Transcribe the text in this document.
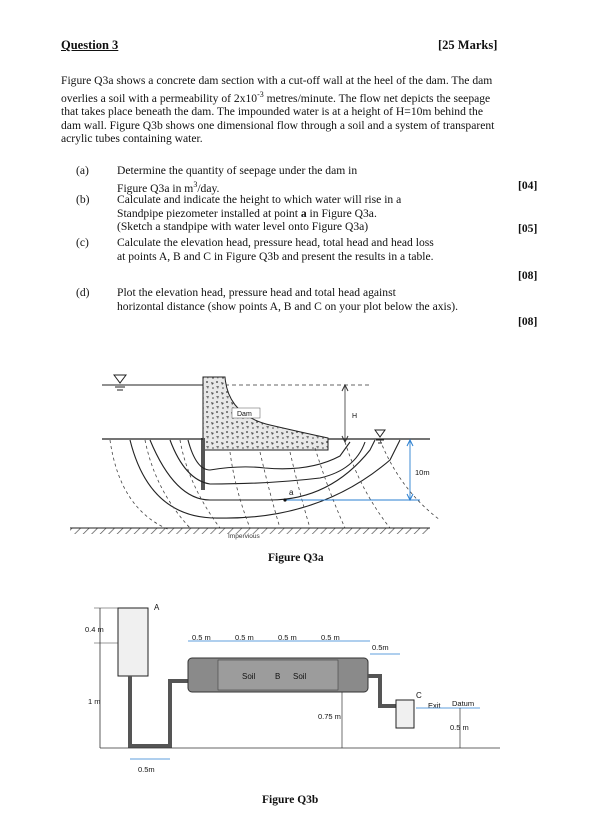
Question 3	[25 Marks]
Figure Q3a shows a concrete dam section with a cut-off wall at the heel of the dam. The dam
overlies a soil with a permeability of $2x10^{-3}$ metres/minute. The flow net depicts the seepage
that takes place beneath the dam. The impounded water is at a height of H=10m behind the
dam wall. Figure Q3b shows one dimensional flow through a soil and a system of transparent
acrylic tubes containing water.
(a) Determine the quantity of seepage under the dam in
Figure Q3a in $m^3$/day.	[04]
(b) Calculate and indicate the height to which water will rise in a
Standpipe piezometer installed at point a in Figure Q3a.
(Sketch a standpipe with water level onto Figure Q3a)	[05]
(c) Calculate the elevation head, pressure head, total head and head loss
at points A, B and C in Figure Q3b and present the results in a table.
[08]
(d) Plot the elevation head, pressure head and total head against
horizontal distance (show points A, B and C on your plot below the axis).
[08]
H
Dam
10m
a
Impervious
Figure Q3a
A
0.4 m
1 m
Soil B Soil
0.5 m	0.5 m	0.5 m	0.5 m
0.5m
0.75 m
C
Exit Datum
0.5 m
0.5m
Figure Q3b
